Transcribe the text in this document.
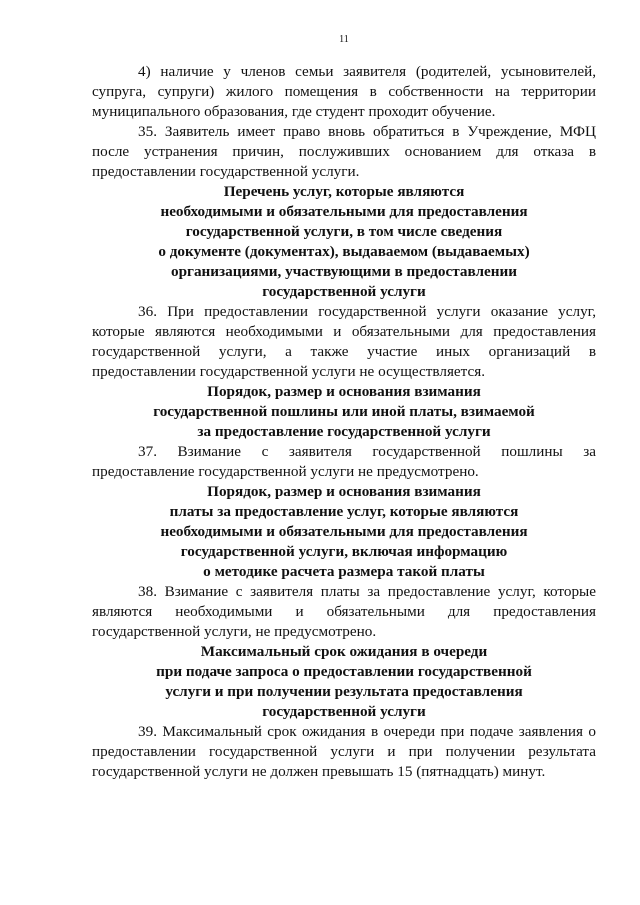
11

4) наличие у членов семьи заявителя (родителей, усыновителей, супруга, супруги) жилого помещения в собственности на территории муниципального образования, где студент проходит обучение.

35. Заявитель имеет право вновь обратиться в Учреждение, МФЦ после устранения причин, послуживших основанием для отказа в предоставлении государственной услуги.

Перечень услуг, которые являются
необходимыми и обязательными для предоставления
государственной услуги, в том числе сведения
о документе (документах), выдаваемом (выдаваемых)
организациями, участвующими в предоставлении
государственной услуги

36. При предоставлении государственной услуги оказание услуг, которые являются необходимыми и обязательными для предоставления государственной услуги, а также участие иных организаций в предоставлении государственной услуги не осуществляется.

Порядок, размер и основания взимания
государственной пошлины или иной платы, взимаемой
за предоставление государственной услуги

37. Взимание с заявителя государственной пошлины за предоставление государственной услуги не предусмотрено.

Порядок, размер и основания взимания
платы за предоставление услуг, которые являются
необходимыми и обязательными для предоставления
государственной услуги, включая информацию
о методике расчета размера такой платы

38. Взимание с заявителя платы за предоставление услуг, которые являются необходимыми и обязательными для предоставления государственной услуги, не предусмотрено.

Максимальный срок ожидания в очереди
при подаче запроса о предоставлении государственной
услуги и при получении результата предоставления
государственной услуги

39. Максимальный срок ожидания в очереди при подаче заявления о предоставлении государственной услуги и при получении результата государственной услуги не должен превышать 15 (пятнадцать) минут.
